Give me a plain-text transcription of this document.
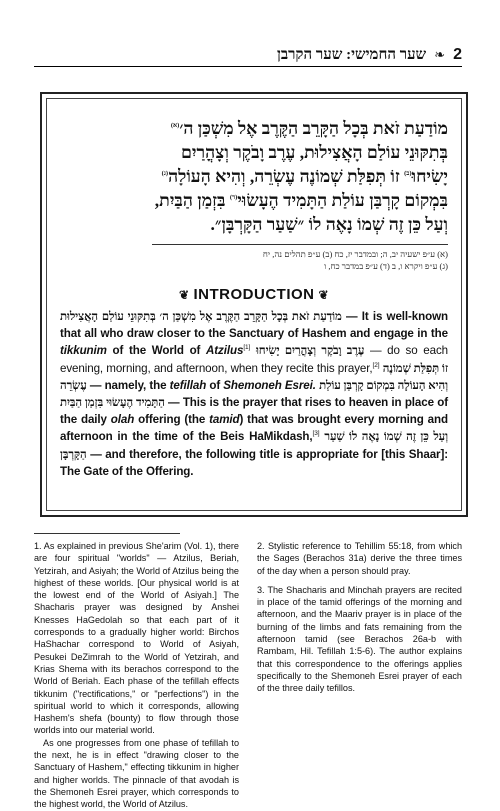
שער החמישי: שער הקרבן ❧ 2

מוֹדַעַת זֹאת בְּכָל הַקָּרֵב הַקֶּרֶב אֶל מִשְׁכַּן ה׳$^{(א)}$

בְּתִקּוּנֵי עוֹלַם הָאֲצִילוּת, עֶרֶב וָבֹקֶר וְצָהֳרַיִם

יָשִׂיחוּ$^{(ב)}$ זוֹ תְּפִלַּת שְׁמוֹנֶה עֶשְׂרֵה, וְהִיא הָעוֹלָה$^{(ג)}$

בִּמְקוֹם קָרְבַּן עוֹלַת הַתָּמִיד הֶעָשׂוּי$^{(ד)}$ בִּזְמַן הַבַּיִת,

וְעַל כֵּן זֶה שְׁמוֹ נָאֶה לוֹ ״שַׁעַר הַקָּרְבָּן״.

(א) ע״פ ישעיה יב, ה; ובמדבר יז, כח (ב) ע״פ תהלים נה, יח

(ג) ע״פ ויקרא ו, ב (ד) ע״פ במדבר כח, ו

❦ INTRODUCTION ❦

מוֹדַעַת זֹאת בְּכָל הַקָּרֵב הַקֶּרֶב אֶל מִשְׁכַּן ה׳ בְּתִקּוּנֵי עוֹלַם הָאֲצִילוּת — It is well-known that all who draw closer to the Sanctuary of Hashem and engage in the tikkunim of the World of Atzilus[1] עֶרֶב וָבֹקֶר וְצָהֳרַיִם יָשִׂיחוּ — do so each evening, morning, and afternoon, when they recite this prayer,[2] זוֹ תְּפִלַּת שְׁמוֹנֶה עֶשְׂרֵה — namely, the tefillah of Shemoneh Esrei. וְהִיא הָעוֹלָה בִּמְקוֹם קָרְבַּן עוֹלַת הַתָּמִיד הֶעָשׂוּי בִּזְמַן הַבַּיִת — This is the prayer that rises to heaven in place of the daily olah offering (the tamid) that was brought every morning and afternoon in the time of the Beis HaMikdash,[3] וְעַל כֵּן זֶה שְׁמוֹ נָאֶה לוֹ שַׁעַר הַקָּרְבָּן — and therefore, the following title is appropriate for [this Shaar]: The Gate of the Offering.

1. As explained in previous She'arim (Vol. 1), there are four spiritual "worlds" — Atzilus, Beriah, Yetzirah, and Asiyah; the World of Atzilus being the highest of these worlds. [Our physical world is at the lowest end of the World of Asiyah.] The Shacharis prayer was designed by Anshei Knesses HaGedolah so that each part of it corresponds to a gradually higher world: Birchos HaShachar correspond to World of Asiyah, Pesukei DeZimrah to the World of Yetzirah, and Krias Shema with its berachos correspond to the World of Beriah. Each phase of the tefillah effects tikkunim ("rectifications," or "perfections") in the spiritual world to which it corresponds, allowing Hashem's shefa (bounty) to flow through those worlds into our material world.

As one progresses from one phase of tefillah to the next, he is in effect "drawing closer to the Sanctuary of Hashem," effecting tikkunim in higher and higher worlds. The pinnacle of that avodah is the Shemoneh Esrei prayer, which corresponds to the highest world, the World of Atzilus.

2. Stylistic reference to Tehillim 55:18, from which the Sages (Berachos 31a) derive the three times of the day when a person should pray.

3. The Shacharis and Minchah prayers are recited in place of the tamid offerings of the morning and afternoon, and the Maariv prayer is in place of the burning of the limbs and fats remaining from the afternoon tamid (see Berachos 26a-b with Rambam, Hil. Tefillah 1:5-6). The author explains that this correspondence to the offerings applies specifically to the Shemoneh Esrei prayer of each of the three daily tefillos.
